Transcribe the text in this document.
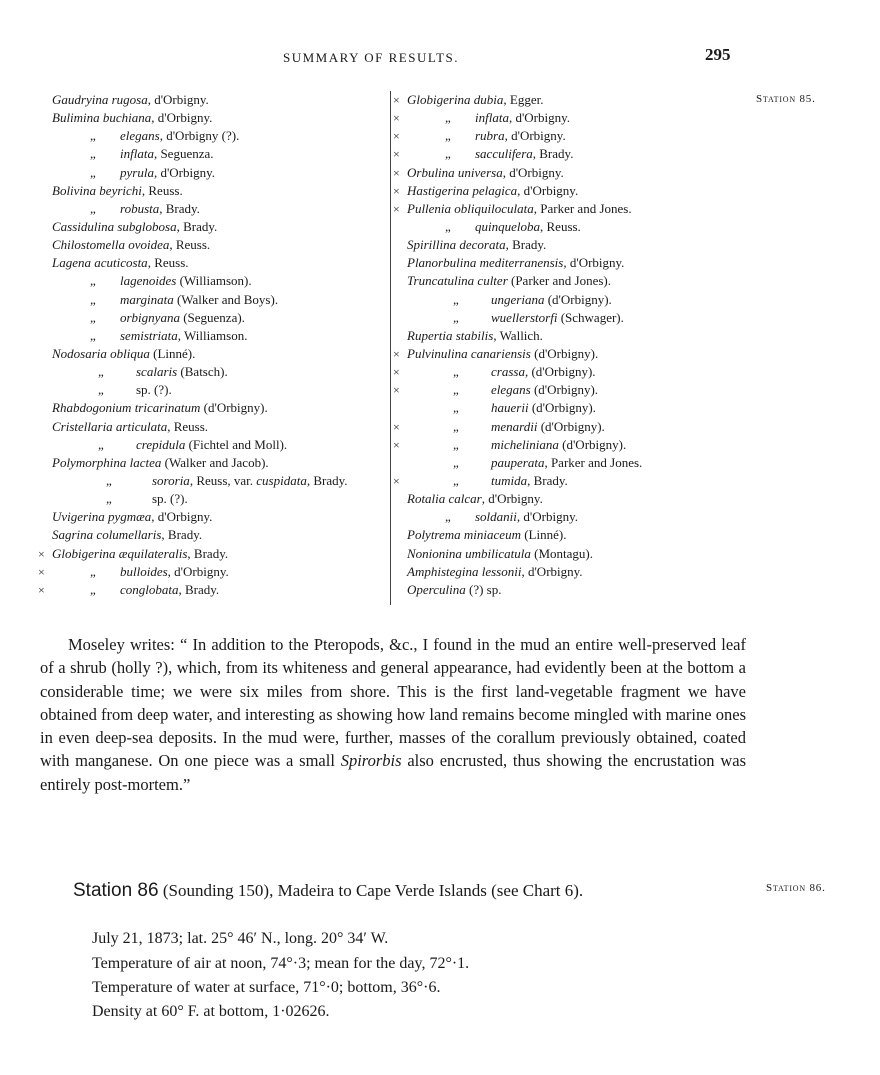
SUMMARY OF RESULTS.	295
Station 85.
Station 86.
Gaudryina rugosa, d'Orbigny.
Bulimina buchiana, d'Orbigny.
„ elegans, d'Orbigny (?).
„ inflata, Seguenza.
„ pyrula, d'Orbigny.
Bolivina beyrichi, Reuss.
„ robusta, Brady.
Cassidulina subglobosa, Brady.
Chilostomella ovoidea, Reuss.
Lagena acuticosta, Reuss.
„ lagenoides (Williamson).
„ marginata (Walker and Boys).
„ orbignyana (Seguenza).
„ semistriata, Williamson.
Nodosaria obliqua (Linné).
„ scalaris (Batsch).
„ sp. (?).
Rhabdogonium tricarinatum (d'Orbigny).
Cristellaria articulata, Reuss.
„ crepidula (Fichtel and Moll).
Polymorphina lactea (Walker and Jacob).
„	sororia, Reuss, var. cuspidata, Brady.
„	sp. (?).
Uvigerina pygmæa, d'Orbigny.
Sagrina columellaris, Brady.
× Globigerina æquilateralis, Brady.
×	„ bulloides, d'Orbigny.
×	„ conglobata, Brady.
× Globigerina dubia, Egger.
×	„ inflata, d'Orbigny.
×	„ rubra, d'Orbigny.
×	„ sacculifera, Brady.
× Orbulina universa, d'Orbigny.
× Hastigerina pelagica, d'Orbigny.
× Pullenia obliquiloculata, Parker and Jones.
„ quinqueloba, Reuss.
Spirillina decorata, Brady.
Planorbulina mediterranensis, d'Orbigny.
Truncatulina culter (Parker and Jones).
„ ungeriana (d'Orbigny).
„ wuellerstorfi (Schwager).
Rupertia stabilis, Wallich.
× Pulvinulina canariensis (d'Orbigny).
×	„ crassa, (d'Orbigny).
×	„ elegans (d'Orbigny).
„ hauerii (d'Orbigny).
×	„ menardii (d'Orbigny).
×	„ micheliniana (d'Orbigny).
„ pauperata, Parker and Jones.
×	„ tumida, Brady.
Rotalia calcar, d'Orbigny.
„ soldanii, d'Orbigny.
Polytrema miniaceum (Linné).
Nonionina umbilicatula (Montagu).
Amphistegina lessonii, d'Orbigny.
Operculina (?) sp.

Moseley writes: “ In addition to the Pteropods, &c., I found in the mud an entire well-preserved leaf of a shrub (holly ?), which, from its whiteness and general appearance, had evidently been at the bottom a considerable time; we were six miles from shore. This is the first land-vegetable fragment we have obtained from deep water, and interesting as showing how land remains become mingled with marine ones in even deep-sea deposits. In the mud were, further, masses of the corallum previously obtained, coated with manganese. On one piece was a small Spirorbis also encrusted, thus showing the encrustation was entirely post-mortem.”

Station 86 (Sounding 150), Madeira to Cape Verde Islands (see Chart 6).
July 21, 1873; lat. 25° 46′ N., long. 20° 34′ W.
Temperature of air at noon, 74°·3; mean for the day, 72°·1.
Temperature of water at surface, 71°·0; bottom, 36°·6.
Density at 60° F. at bottom, 1·02626.
